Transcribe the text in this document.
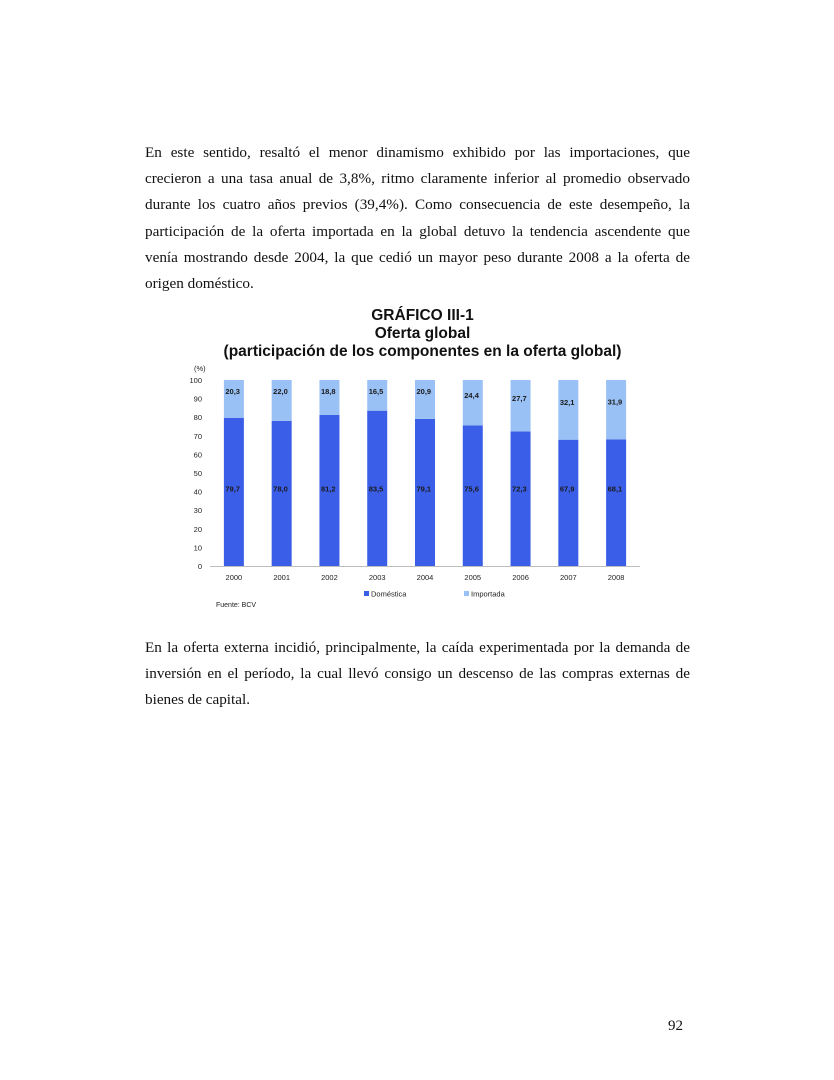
En este sentido, resaltó el menor dinamismo exhibido por las importaciones, que crecieron a una tasa anual de 3,8%, ritmo claramente inferior al promedio observado durante los cuatro años previos (39,4%). Como consecuencia de este desempeño, la participación de la oferta importada en la global detuvo la tendencia ascendente que venía mostrando desde 2004, la que cedió un mayor peso durante 2008 a la oferta de origen doméstico.

GRÁFICO III-1

Oferta global

(participación de los componentes en la oferta global)

(%)
0
10
20
30
40
50
60
70
80
90
100
79,7
20,3
2000
78,0
22,0
2001
81,2
18,8
2002
83,5
16,5
2003
79,1
20,9
2004
75,6
24,4
2005
72,3
27,7
2006
67,9
32,1
2007
68,1
31,9
2008
Doméstica	Importada
Fuente: BCV

En la oferta externa incidió, principalmente, la caída experimentada por la demanda de inversión en el período, la cual llevó consigo un descenso de las compras externas de bienes de capital.

92
